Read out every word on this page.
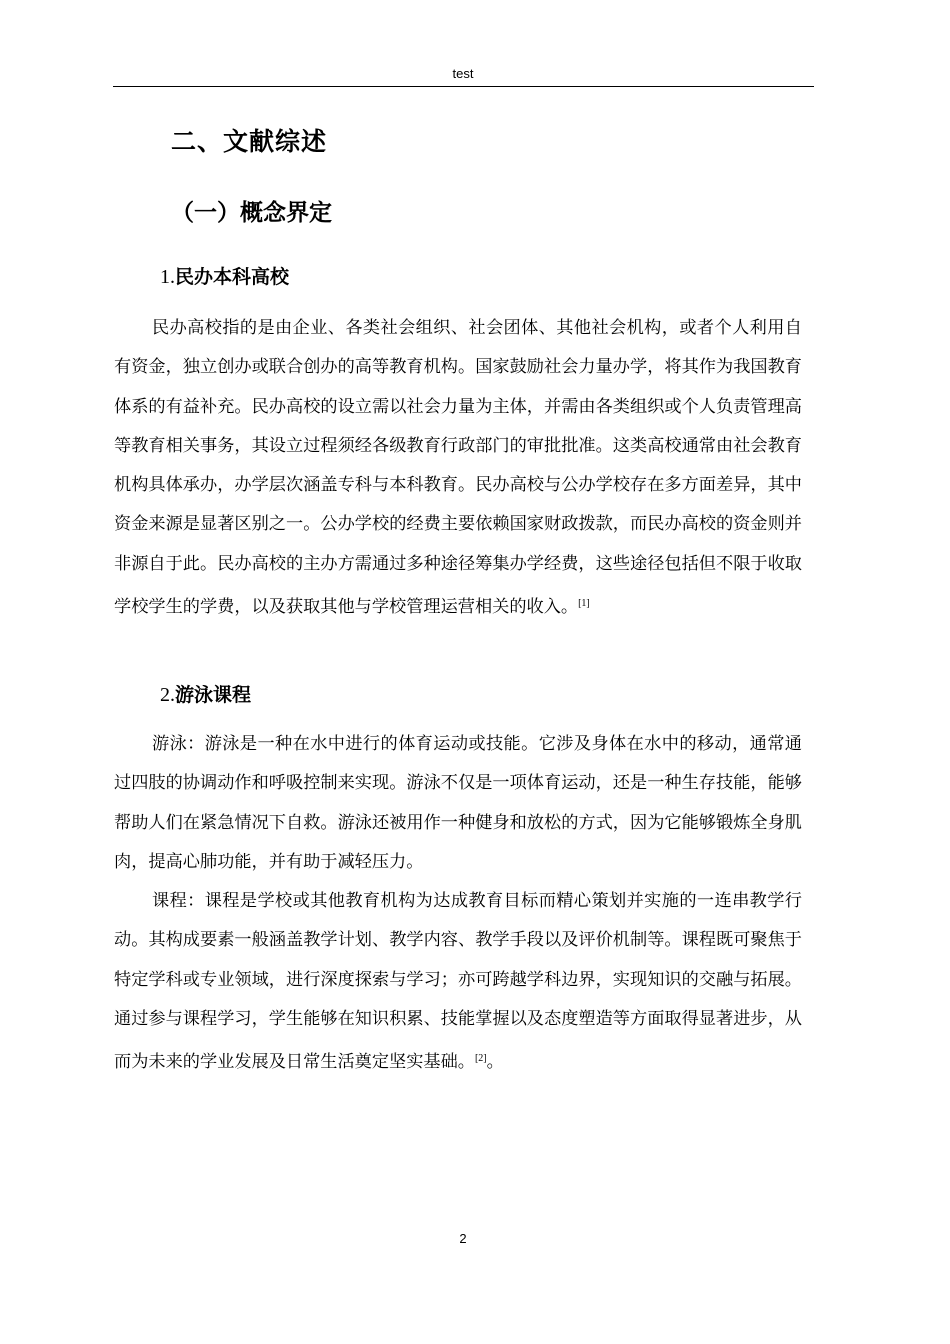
test
二、文献综述
（一）概念界定
1.民办本科高校

民办高校指的是由企业、各类社会组织、社会团体、其他社会机构，或者个人利用自有资金，独立创办或联合创办的高等教育机构。国家鼓励社会力量办学，将其作为我国教育体系的有益补充。民办高校的设立需以社会力量为主体，并需由各类组织或个人负责管理高等教育相关事务，其设立过程须经各级教育行政部门的审批批准。这类高校通常由社会教育机构具体承办，办学层次涵盖专科与本科教育。民办高校与公办学校存在多方面差异，其中资金来源是显著区别之一。公办学校的经费主要依赖国家财政拨款，而民办高校的资金则并非源自于此。民办高校的主办方需通过多种途径筹集办学经费，这些途径包括但不限于收取学校学生的学费，以及获取其他与学校管理运营相关的收入。[1]

2.游泳课程

游泳：游泳是一种在水中进行的体育运动或技能。它涉及身体在水中的移动，通常通过四肢的协调动作和呼吸控制来实现。游泳不仅是一项体育运动，还是一种生存技能，能够帮助人们在紧急情况下自救。游泳还被用作一种健身和放松的方式，因为它能够锻炼全身肌肉，提高心肺功能，并有助于减轻压力。

课程：课程是学校或其他教育机构为达成教育目标而精心策划并实施的一连串教学行动。其构成要素一般涵盖教学计划、教学内容、教学手段以及评价机制等。课程既可聚焦于特定学科或专业领域，进行深度探索与学习；亦可跨越学科边界，实现知识的交融与拓展。通过参与课程学习，学生能够在知识积累、技能掌握以及态度塑造等方面取得显著进步，从而为未来的学业发展及日常生活奠定坚实基础。[2]。

2
